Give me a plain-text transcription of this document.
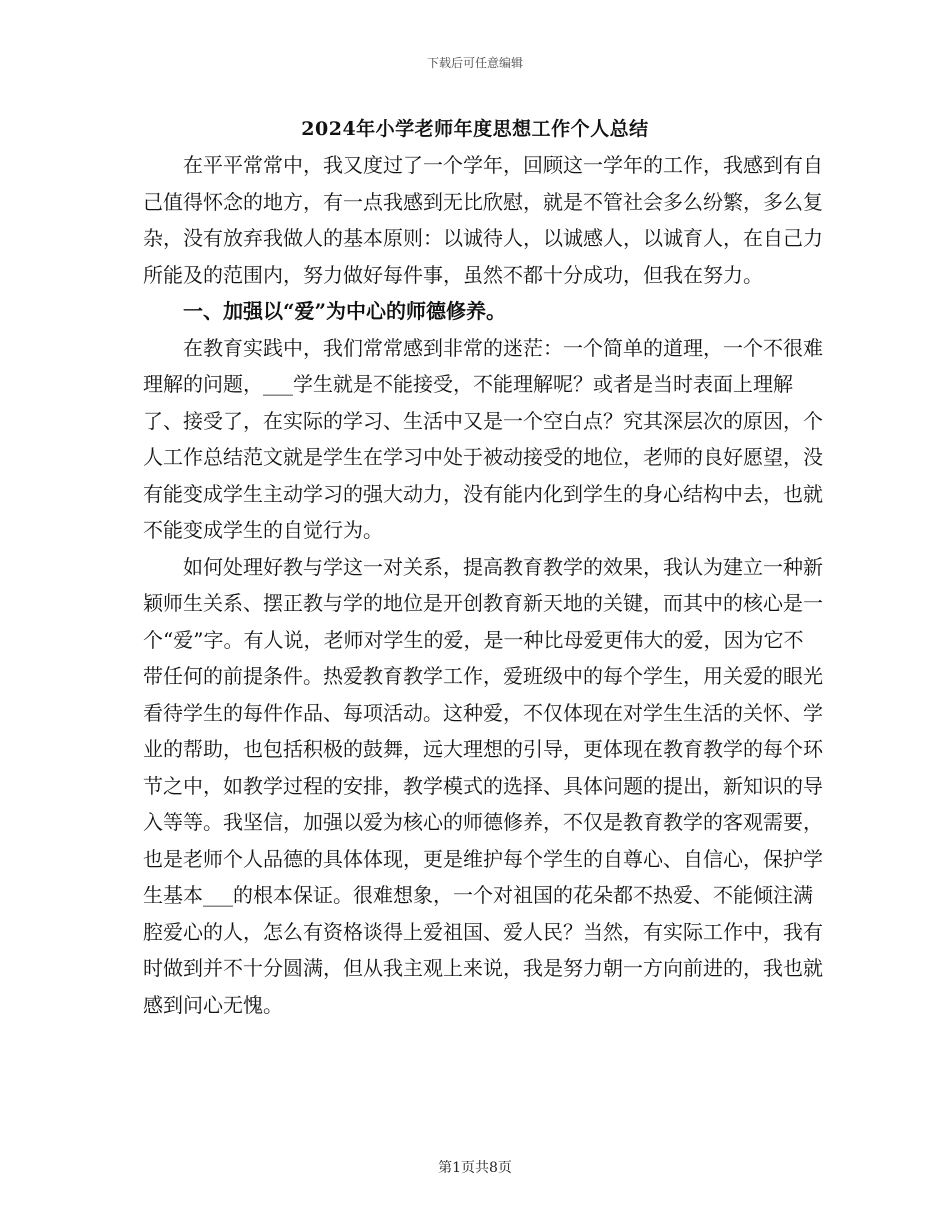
下载后可任意编辑
2024年小学老师年度思想工作个人总结

在平平常常中，我又度过了一个学年，回顾这一学年的工作，我感到有自己值得怀念的地方，有一点我感到无比欣慰，就是不管社会多么纷繁，多么复杂，没有放弃我做人的基本原则：以诚待人，以诚感人，以诚育人，在自己力所能及的范围内，努力做好每件事，虽然不都十分成功，但我在努力。

一、加强以“爱”为中心的师德修养。

在教育实践中，我们常常感到非常的迷茫：一个简单的道理，一个不很难理解的问题，___学生就是不能接受，不能理解呢？或者是当时表面上理解了、接受了，在实际的学习、生活中又是一个空白点？究其深层次的原因，个人工作总结范文就是学生在学习中处于被动接受的地位，老师的良好愿望，没有能变成学生主动学习的强大动力，没有能内化到学生的身心结构中去，也就不能变成学生的自觉行为。

如何处理好教与学这一对关系，提高教育教学的效果，我认为建立一种新颖师生关系、摆正教与学的地位是开创教育新天地的关键，而其中的核心是一个“爱”字。有人说，老师对学生的爱，是一种比母爱更伟大的爱，因为它不带任何的前提条件。热爱教育教学工作，爱班级中的每个学生，用关爱的眼光看待学生的每件作品、每项活动。这种爱，不仅体现在对学生生活的关怀、学业的帮助，也包括积极的鼓舞，远大理想的引导，更体现在教育教学的每个环节之中，如教学过程的安排，教学模式的选择、具体问题的提出，新知识的导入等等。我坚信，加强以爱为核心的师德修养，不仅是教育教学的客观需要，也是老师个人品德的具体体现，更是维护每个学生的自尊心、自信心，保护学生基本___的根本保证。很难想象，一个对祖国的花朵都不热爱、不能倾注满腔爱心的人，怎么有资格谈得上爱祖国、爱人民？当然，有实际工作中，我有时做到并不十分圆满，但从我主观上来说，我是努力朝一方向前进的，我也就感到问心无愧。

第1页共8页
